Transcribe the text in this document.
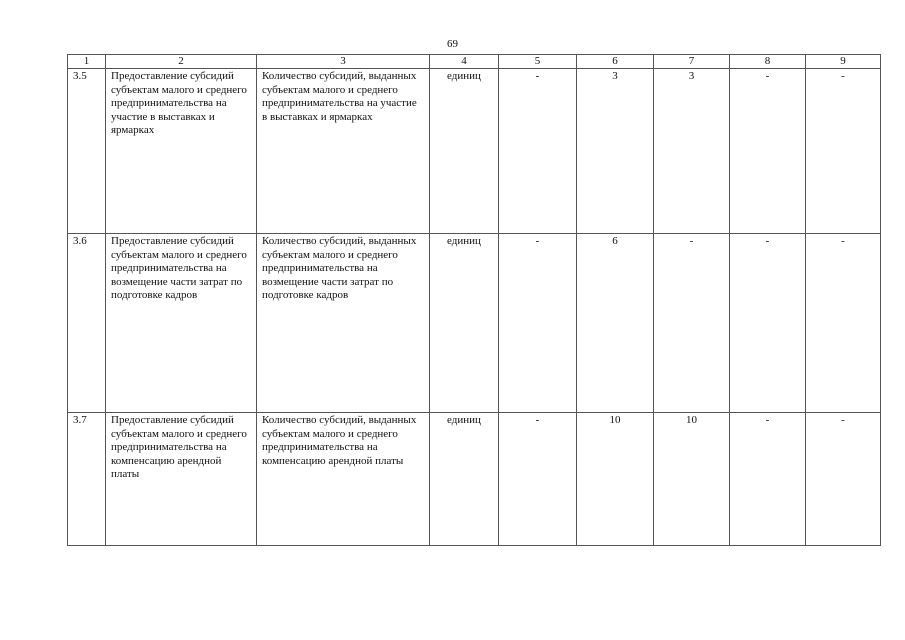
69
1	2	3	4	5	6	7	8	9
3.5	Предоставление субсидий субъектам малого и среднего предпринимательства на участие в выставках и ярмарках	Количество субсидий, выданных субъектам малого и среднего предпринимательства на участие в выставках и ярмарках	единиц	-	3	3	-	-
3.6	Предоставление субсидий субъектам малого и среднего предпринимательства на возмещение части затрат по подготовке кадров	Количество субсидий, выданных субъектам малого и среднего предпринимательства на возмещение части затрат по подготовке кадров	единиц	-	6	-	-	-
3.7	Предоставление субсидий субъектам малого и среднего предпринимательства на компенсацию арендной платы	Количество субсидий, выданных субъектам малого и среднего предпринимательства на компенсацию арендной платы	единиц	-	10	10	-	-
